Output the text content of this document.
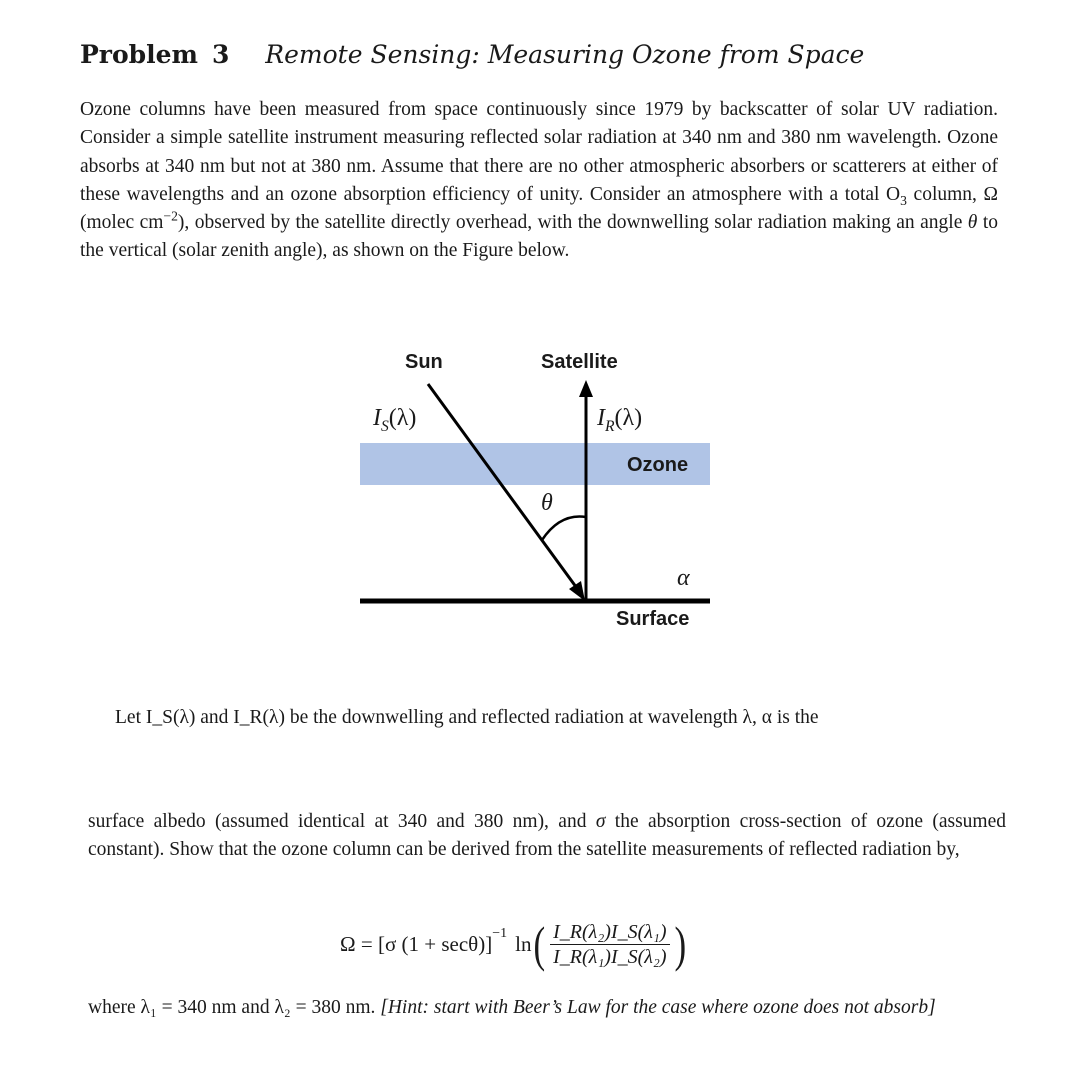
Problem 3 Remote Sensing: Measuring Ozone from Space
Ozone columns have been measured from space continuously since 1979 by backscatter of solar UV radiation. Consider a simple satellite instrument measuring reflected solar radiation at 340 nm and 380 nm wavelength. Ozone absorbs at 340 nm but not at 380 nm. Assume that there are no other atmospheric absorbers or scatterers at either of these wavelengths and an ozone absorption efficiency of unity. Consider an atmosphere with a total $O_3$ column, Ω (molec $cm^{-2}$), observed by the satellite directly overhead, with the downwelling solar radiation making an angle θ to the vertical (solar zenith angle), as shown on the Figure below.
Sun	Satellite
Ozone
Surface
$I_S(\lambda)$	$I_R(\lambda)$
θ
α
Let I_S(λ) and I_R(λ) be the downwelling and reflected radiation at wavelength λ, α is the
surface albedo (assumed identical at 340 and 380 nm), and σ the absorption cross-section of ozone (assumed constant). Show that the ozone column can be derived from the satellite measurements of reflected radiation by,
Ω = [σ (1 + secθ)]$^{-1}$ ln ( $\frac{\text{I\_R(λ₂)I\_S(λ₁)}}{\text{I\_R(λ₁)I\_S(λ₂)}}$ )
where λ₁ = 340 nm and λ₂ = 380 nm. [Hint: start with Beer’s Law for the case where ozone does not absorb]
